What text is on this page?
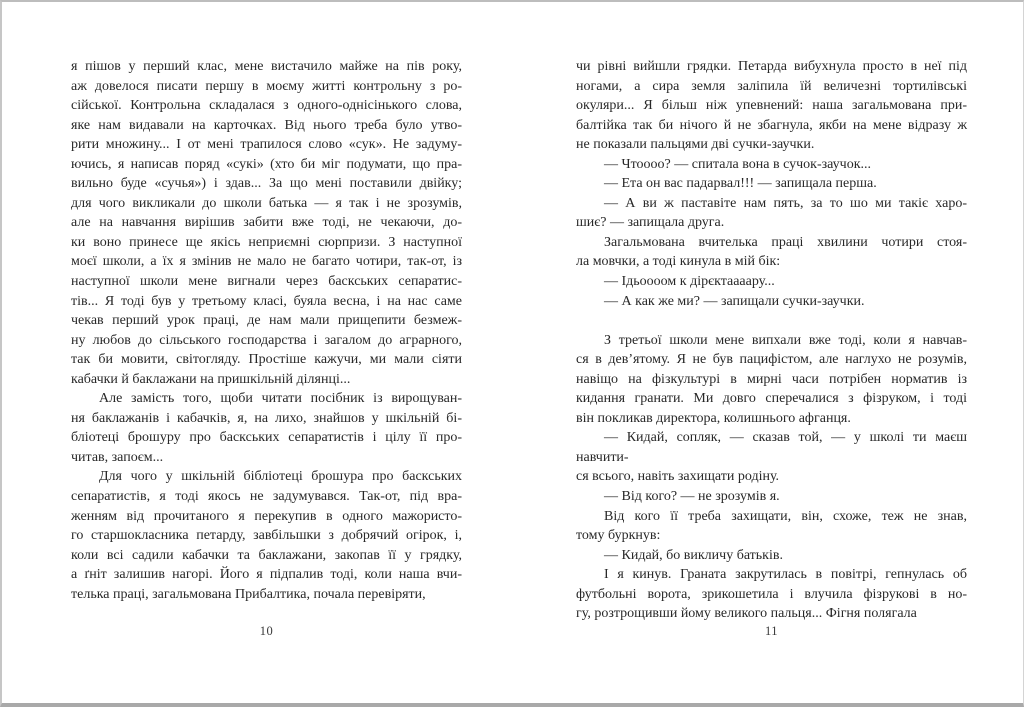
я пішов у перший клас, мене вистачило майже на пів року,
аж довелося писати першу в моєму житті контрольну з ро-
сійської. Контрольна складалася з одного-однісінького слова,
яке нам видавали на карточках. Від нього треба було утво-
рити множину... І от мені трапилося слово «сук». Не задуму-
ючись, я написав поряд «сукі» (хто би міг подумати, що пра-
вильно буде «сучья») і здав... За що мені поставили двійку;
для чого викликали до школи батька — я так і не зрозумів,
але на навчання вирішив забити вже тоді, не чекаючи, до-
ки воно принесе ще якісь неприємні сюрпризи. З наступної
моєї школи, а їх я змінив не мало не багато чотири, так-от, із
наступної школи мене вигнали через баскських сепаратис-
тів... Я тоді був у третьому класі, буяла весна, і на нас саме
чекав перший урок праці, де нам мали прищепити безмеж-
ну любов до сільського господарства і загалом до аграрного,
так би мовити, світогляду. Простіше кажучи, ми мали сіяти
кабачки й баклажани на пришкільній ділянці...
Але замість того, щоби читати посібник із вирощуван-
ня баклажанів і кабачків, я, на лихо, знайшов у шкільній бі-
бліотеці брошуру про баскських сепаратистів і цілу її про-
читав, запоєм...
Для чого у шкільній бібліотеці брошура про баскських
сепаратистів, я тоді якось не задумувався. Так-от, під вра-
женням від прочитаного я перекупив в одного мажористо-
го старшокласника петарду, завбільшки з добрячий огірок, і,
коли всі садили кабачки та баклажани, закопав її у грядку,
а ґніт залишив нагорі. Його я підпалив тоді, коли наша вчи-
телька праці, загальмована Прибалтика, почала перевіряти,
чи рівні вийшли грядки. Петарда вибухнула просто в неї під
ногами, а сира земля заліпила їй величезні тортилівські
окуляри... Я більш ніж упевнений: наша загальмована при-
балтійка так би нічого й не збагнула, якби на мене відразу ж
не показали пальцями дві сучки-заучки.
— Чтоооо? — спитала вона в сучок-заучок...
— Ета он вас падарвал!!! — запищала перша.
— А ви ж паставіте нам пять, за то шо ми такіє харо-
шиє? — запищала друга.
Загальмована вчителька праці хвилини чотири стоя-
ла мовчки, а тоді кинула в мій бік:
— Ідьоооом к дірєктаааару...
— А как же ми? — запищали сучки-заучки.
З третьої школи мене випхали вже тоді, коли я навчав-
ся в дев’ятому. Я не був пацифістом, але наглухо не розумів,
навіщо на фізкультурі в мирні часи потрібен норматив із
кидання гранати. Ми довго сперечалися з фізруком, і тоді
він покликав директора, колишнього афганця.
— Кидай, сопляк, — сказав той, — у школі ти маєш навчити-
ся всього, навіть захищати родіну.
— Від кого? — не зрозумів я.
Від кого її треба захищати, він, схоже, теж не знав,
тому буркнув:
— Кидай, бо викличу батьків.
І я кинув. Граната закрутилась в повітрі, гепнулась об
футбольні ворота, зрикошетила і влучила фізрукові в но-
гу, розтрощивши йому великого пальця... Фігня полягала
10	11
